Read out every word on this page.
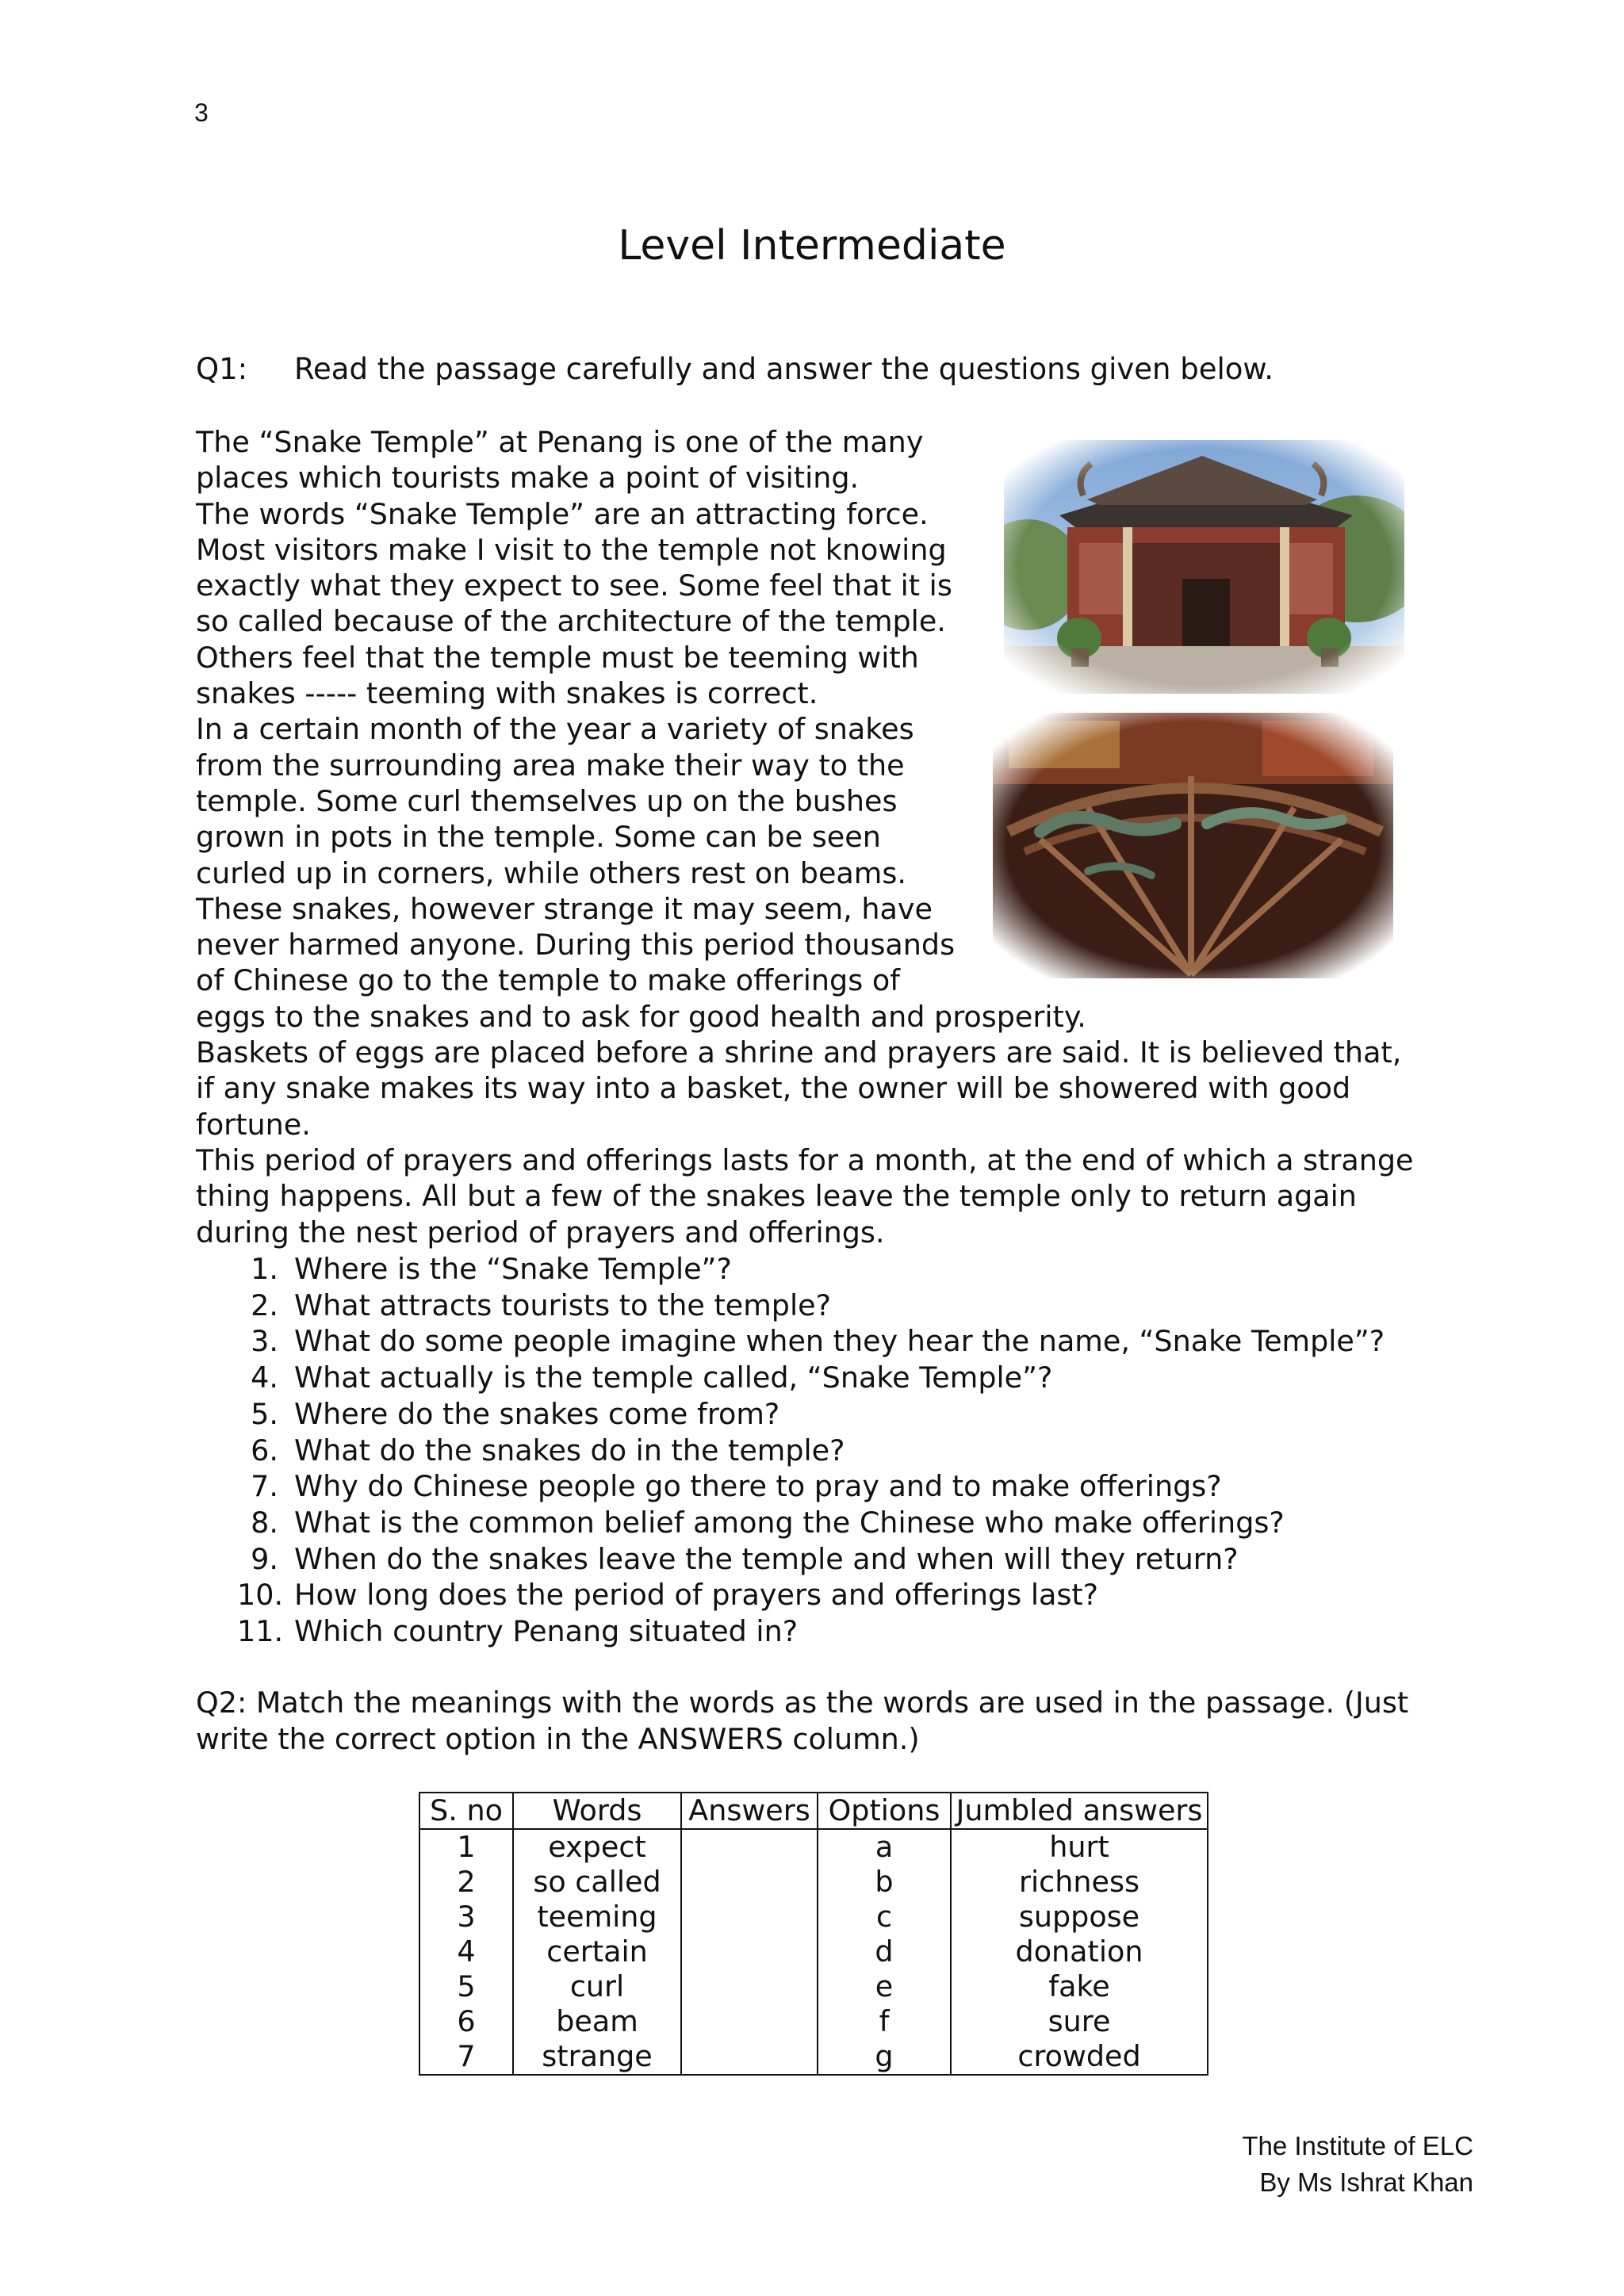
3
Level Intermediate
Q1: Read the passage carefully and answer the questions given below.

The “Snake Temple” at Penang is one of the many places which tourists make a point of visiting.

The words “Snake Temple” are an attracting force. Most visitors make I visit to the temple not knowing exactly what they expect to see. Some feel that it is so called because of the architecture of the temple. Others feel that the temple must be teeming with snakes ----- teeming with snakes is correct.

In a certain month of the year a variety of snakes from the surrounding area make their way to the temple. Some curl themselves up on the bushes grown in pots in the temple. Some can be seen curled up in corners, while others rest on beams. These snakes, however strange it may seem, have never harmed anyone. During this period thousands of Chinese go to the temple to make offerings of eggs to the snakes and to ask for good health and prosperity.

Baskets of eggs are placed before a shrine and prayers are said. It is believed that, if any snake makes its way into a basket, the owner will be showered with good fortune.

This period of prayers and offerings lasts for a month, at the end of which a strange thing happens. All but a few of the snakes leave the temple only to return again during the nest period of prayers and offerings.

1. Where is the “Snake Temple”?
2. What attracts tourists to the temple?
3. What do some people imagine when they hear the name, “Snake Temple”?
4. What actually is the temple called, “Snake Temple”?
5. Where do the snakes come from?
6. What do the snakes do in the temple?
7. Why do Chinese people go there to pray and to make offerings?
8. What is the common belief among the Chinese who make offerings?
9. When do the snakes leave the temple and when will they return?
10. How long does the period of prayers and offerings last?
11. Which country Penang situated in?
Q2: Match the meanings with the words as the words are used in the passage. (Just write the correct option in the ANSWERS column.)
S. no	Words	Answers	Options	Jumbled answers
1	expect		a	hurt
2	so called		b	richness
3	teeming		c	suppose
4	certain		d	donation
5	curl		e	fake
6	beam		f	sure
7	strange		g	crowded
The Institute of ELC
By Ms Ishrat Khan
